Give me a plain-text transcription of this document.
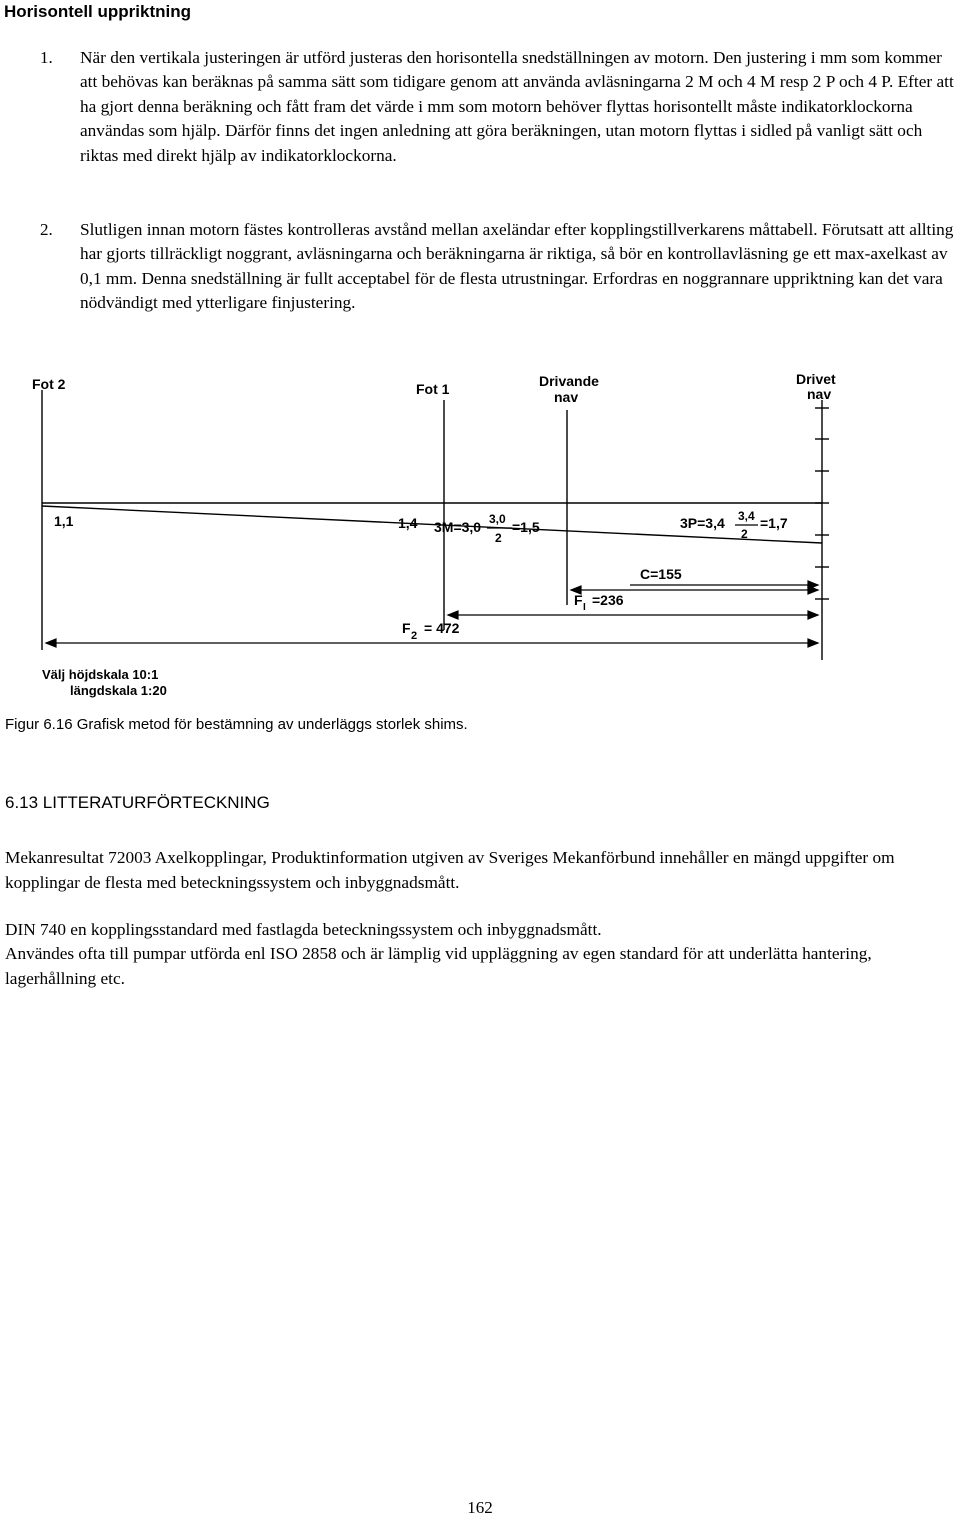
Horisontell uppriktning
1. När den vertikala justeringen är utförd justeras den horisontella snedställningen av motorn. Den justering i mm som kommer att behövas kan beräknas på samma sätt som tidigare genom att använda avläsningarna 2 M och 4 M resp 2 P och 4 P. Efter att ha gjort denna beräkning och fått fram det värde i mm som motorn behöver flyttas horisontellt måste indikatorklockorna användas som hjälp. Därför finns det ingen anledning att göra beräkningen, utan motorn flyttas i sidled på vanligt sätt och riktas med direkt hjälp av indikatorklockorna.
2. Slutligen innan motorn fästes kontrolleras avstånd mellan axeländar efter kopplingstillverkarens måttabell. Förutsatt att allting har gjorts tillräckligt noggrant, avläsningarna och beräkningarna är riktiga, så bör en kontrollavläsning ge ett max-axelkast av 0,1 mm. Denna snedställning är fullt acceptabel för de flesta utrustningar. Erfordras en noggrannare uppriktning kan det vara nödvändigt med ytterligare finjustering.
Fot 2	Fot 1	Drivande
nav
Drivet
nav
1,1	1,4 3M=3,0 3,0
2
=1,5	3P=3,4 3,4
2
=1,7
C=155
F I =236
F 2 = 472
Välj höjdskala 10:1
längdskala 1:20
Figur 6.16 Grafisk metod för bestämning av underläggs storlek shims.
6.13 LITTERATURFÖRTECKNING
Mekanresultat 72003 Axelkopplingar, Produktinformation utgiven av Sveriges Mekanförbund innehåller en mängd uppgifter om kopplingar de flesta med beteckningssystem och inbyggnadsmått.
DIN 740 en kopplingsstandard med fastlagda beteckningssystem och inbyggnadsmått.
Användes ofta till pumpar utförda enl ISO 2858 och är lämplig vid uppläggning av egen standard för att underlätta hantering, lagerhållning etc.
162
